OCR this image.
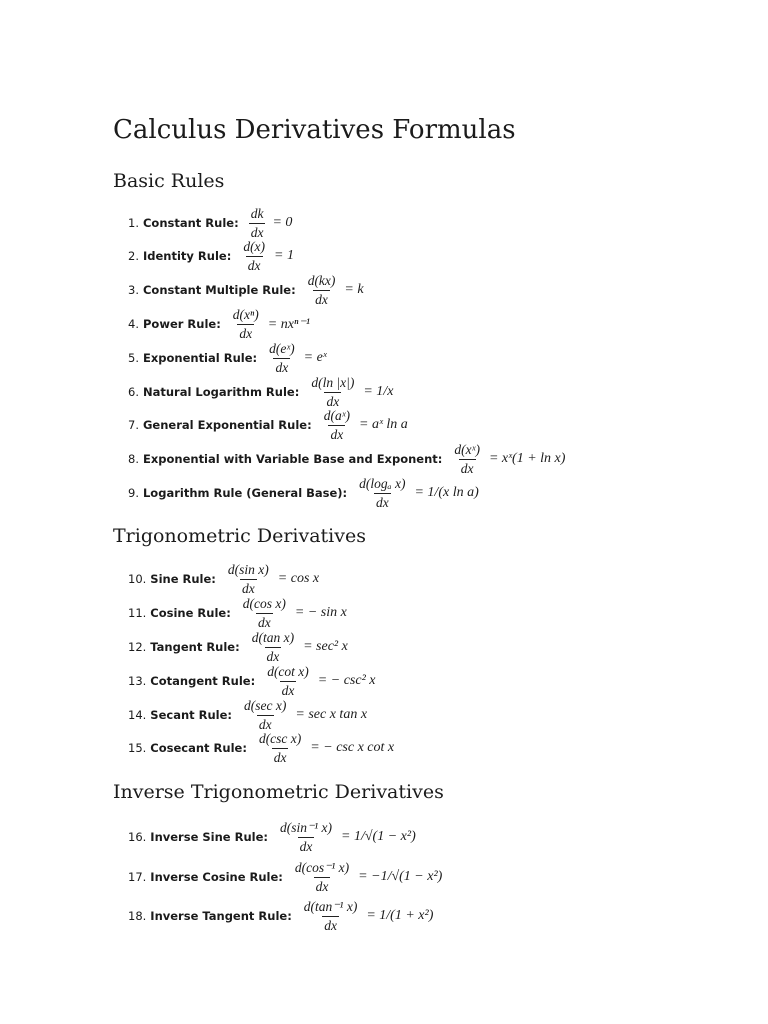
Calculus Derivatives Formulas
Basic Rules
Trigonometric Derivatives
Inverse Trigonometric Derivatives
1. Constant Rule: $\frac{dk}{dx} = 0$
2. Identity Rule: $\frac{d(x)}{dx} = 1$
3. Constant Multiple Rule: $\frac{d(kx)}{dx} = k$
4. Power Rule: $\frac{\text{d(xⁿ)}}{dx} = nx^{n-1}$
5. Exponential Rule: $\frac{\text{d(eˣ)}}{dx}$ = eˣ
6. Natural Logarithm Rule: $\frac{d(\ln |x|)}{dx} = 1/x$
7. General Exponential Rule: $\frac{\text{d(aˣ)}}{dx}$ = aˣ ln a
8. Exponential with Variable Base and Exponent: $\frac{\text{d(xˣ)}}{dx}$ = xˣ(1 + ln x)
9. Logarithm Rule (General Base): $\frac{\text{d(logₐ x)}}{dx} = 1/(x$ ln a)
10. Sine Rule: $\frac{\text{d(sin x)}}{dx} = \cos x$
11. Cosine Rule: $\frac{\text{d(cos x)}}{dx}$ = − sin x
12. Tangent Rule: $\frac{\text{d(tan x)}}{dx} = \sec^2$ x
13. Cotangent Rule: $\frac{\text{d(cot x)}}{dx}$ = − csc² x
14. Secant Rule: $\frac{\text{d(sec x)}}{dx} = \sec x$ tan x
15. Cosecant Rule: $\frac{\text{d(csc x)}}{dx}$ = − csc x cot x
16. Inverse Sine Rule: $\frac{\text{d(sin⁻¹ x)}}{dx} = 1/√(1 - x^2)$
17. Inverse Cosine Rule: $\frac{\text{d(cos⁻¹ x)}}{dx} = -1/√(1 - x^2)$
18. Inverse Tangent Rule: $\frac{\text{d(tan⁻¹ x)}}{dx} = 1/(1 + x^2)$
